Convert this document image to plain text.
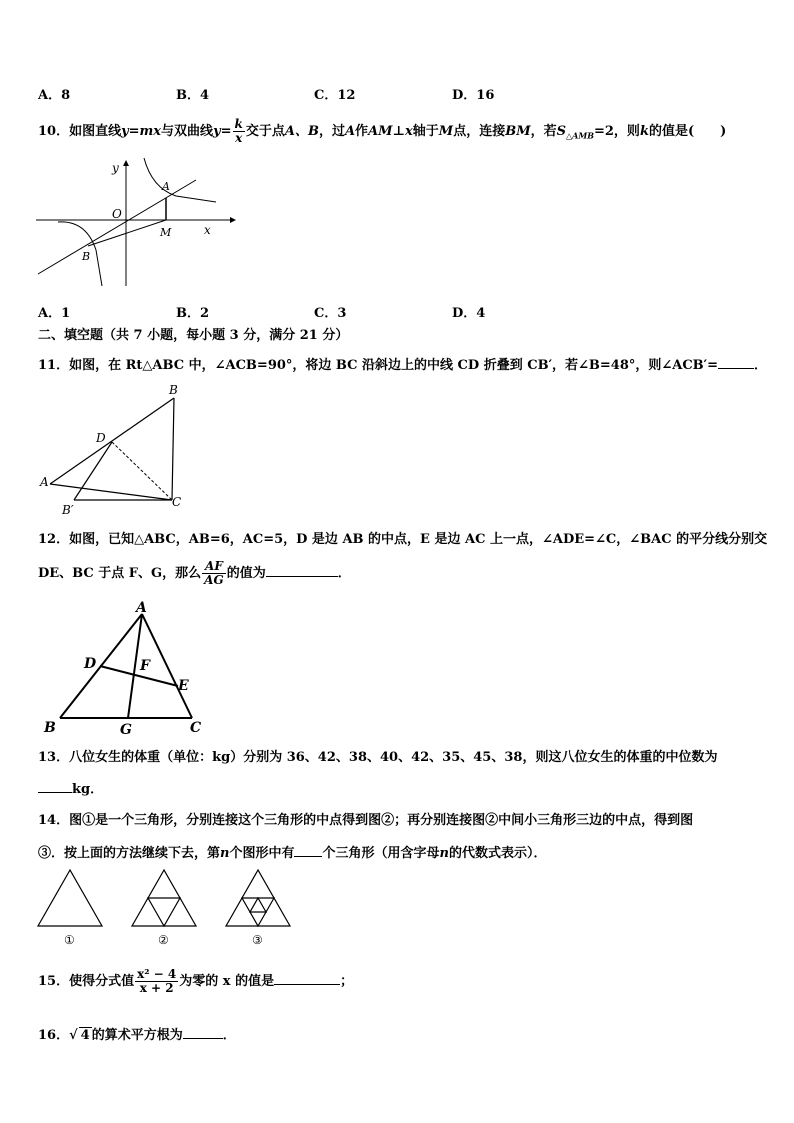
A．8	B．4	C．12	D．16
10．如图直线y=mx与双曲线$y= \frac{k}{x}$ 交于点A、B，过A作AM⊥x轴于M点，连接BM，若$S_{\triangle AMB}=2$，则k的值是(　　)
y
x
O
A
B
M
A．1	B．2	C．3	D．4
二、填空题（共 7 小题，每小题 3 分，满分 21 分）
11．如图，在 Rt△ABC 中，∠ACB=90°，将边 BC 沿斜边上的中线 CD 折叠到 CB′，若∠B=48°，则∠ACB′=	．
B
D
A
B′
C
12．如图，已知△ABC，AB=6，AC=5，D 是边 AB 的中点，E 是边 AC 上一点，∠ADE=∠C，∠BAC 的平分线分别交
DE、BC 于点 F、G，那么 $\frac{AF}{AG}$ 的值为	．
A
D	F
E
B	G	C
13．八位女生的体重（单位：kg）分别为 36、42、38、40、42、35、45、38，则这八位女生的体重的中位数为
kg．
14．图①是一个三角形，分别连接这个三角形的中点得到图②；再分别连接图②中间小三角形三边的中点，得到图
③．按上面的方法继续下去，第n个图形中有 个三角形（用含字母n的代数式表示）．
①	②	③
15．使得分式值 $\frac{\text{x² − 4}}{x + 2}$ 为零的 x 的值是	；
16．√ 4 的算术平方根为	．
